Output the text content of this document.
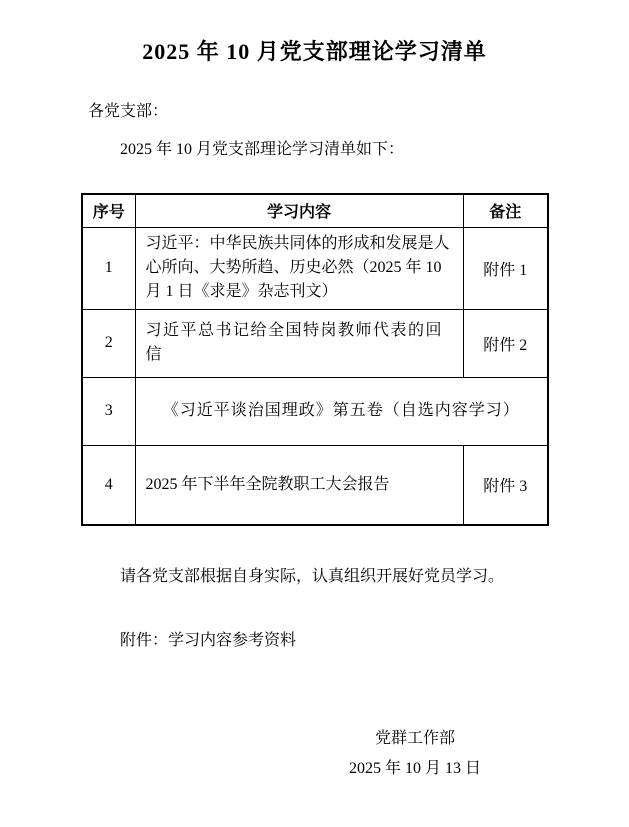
2025 年 10 月党支部理论学习清单
各党支部：
2025 年 10 月党支部理论学习清单如下：
序号	学习内容	备注
1	习近平：中华民族共同体的形成和发展是人心所向、大势所趋、历史必然（2025 年 10 月 1 日《求是》杂志刊文）	附件 1
2	习近平总书记给全国特岗教师代表的回信	附件 2
3	《习近平谈治国理政》第五卷（自选内容学习）	
4	2025 年下半年全院教职工大会报告	附件 3
请各党支部根据自身实际，认真组织开展好党员学习。
附件：学习内容参考资料
党群工作部
2025 年 10 月 13 日
